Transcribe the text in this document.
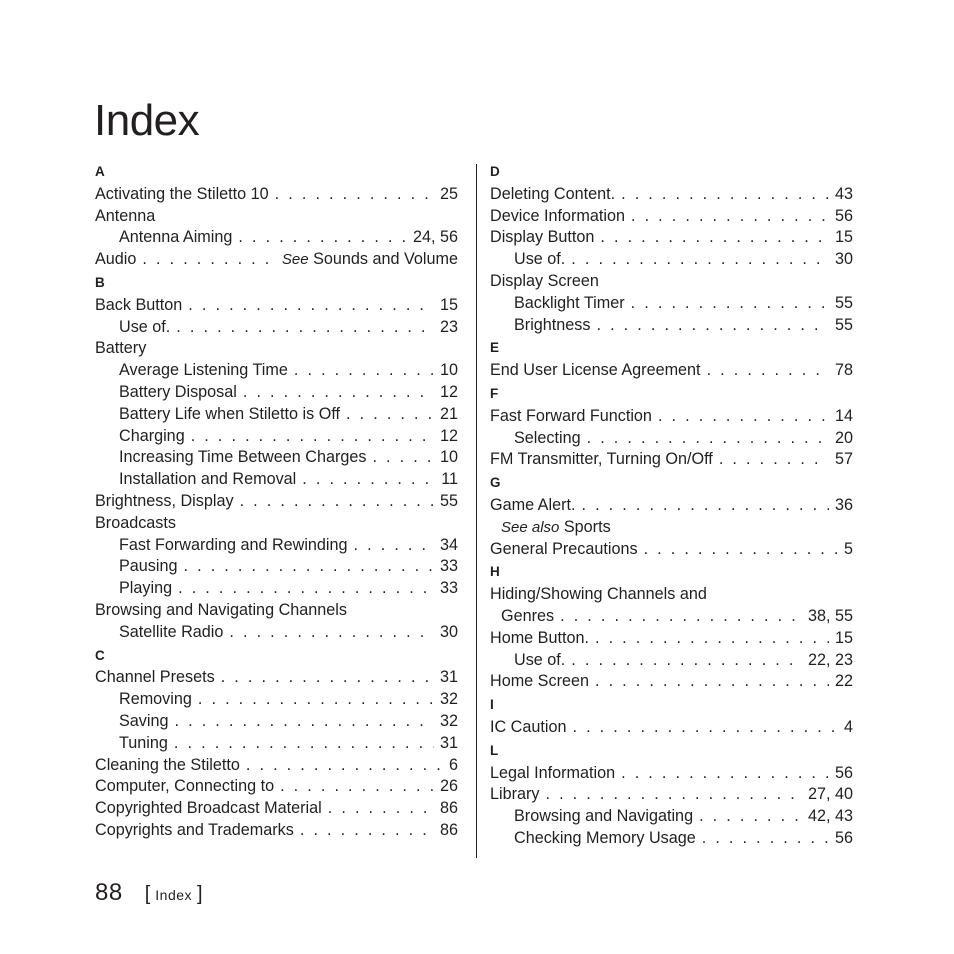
Index
A
Activating the Stiletto 10 . . .	25
Antenna
Antenna Aiming . . .	24, 56
Audio . . .	See Sounds and Volume
B
Back Button . . .	15
Use of. . . .	23
Battery
Average Listening Time . . .	10
Battery Disposal . . .	12
Battery Life when Stiletto is Off . . .	21
Charging . . .	12
Increasing Time Between Charges . . .	10
Installation and Removal . . .	11
Brightness, Display . . .	55
Broadcasts
Fast Forwarding and Rewinding . . .	34
Pausing . . .	33
Playing . . .	33
Browsing and Navigating Channels
Satellite Radio . . .	30
C
Channel Presets . . .	31
Removing . . .	32
Saving . . .	32
Tuning . . .	31
Cleaning the Stiletto . . .	6
Computer, Connecting to . . .	26
Copyrighted Broadcast Material . . .	86
Copyrights and Trademarks . . .	86
D
Deleting Content. . . .	43
Device Information . . .	56
Display Button . . .	15
Use of. . . .	30
Display Screen
Backlight Timer . . .	55
Brightness . . .	55
E
End User License Agreement . . .	78
F
Fast Forward Function . . .	14
Selecting . . .	20
FM Transmitter, Turning On/Off . . .	57
G
Game Alert. . . .	36
See also
Sports
General Precautions . . .	5
H
Hiding/Showing Channels and
Genres . . .	38, 55
Home Button. . . .	15
Use of. . . .	22, 23
Home Screen . . .	22
I
IC Caution . . .	4
L
Legal Information . . .	56
Library . . .	27, 40
Browsing and Navigating . . .	42, 43
Checking Memory Usage . . .	56
88 [ Index ]
